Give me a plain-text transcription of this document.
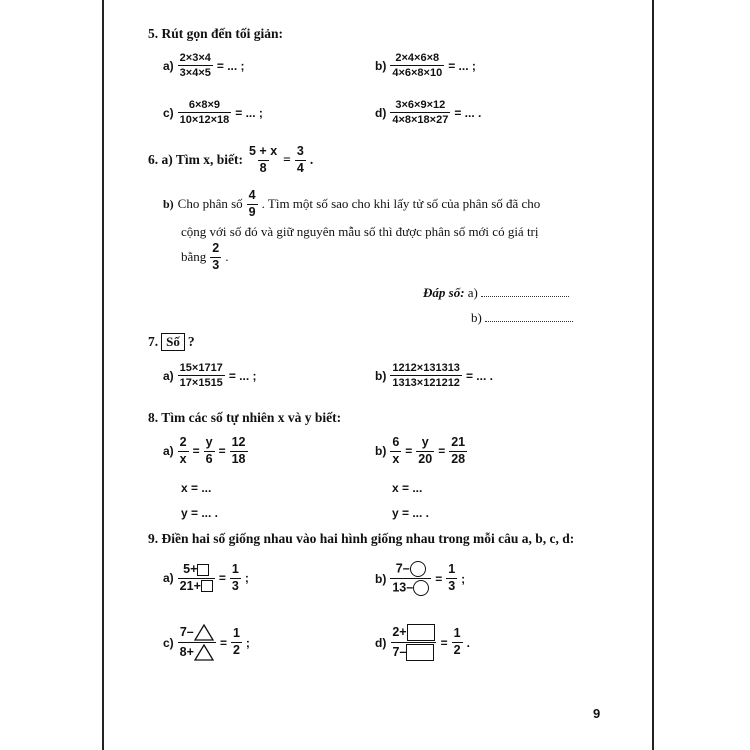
5. Rút gọn đến tối giản:
$a) \frac{2\times 3\times 4}{3\times 4\times 5}$ = ... ;	$b) \frac{2\times 4\times 6\times 8}{4\times 6\times 8\times 10}$ = ... ;
$c) \frac{6\times 8\times 9}{10\times 12\times 18}$ = ... ;	$d) \frac{3\times 6\times 9\times 12}{4\times 8\times 18\times 27}$ = ... .
6. a) Tìm x, biết: $\frac{5 + x}{8} = \frac{3}{4}$ .
b) Cho phân số $\frac{4}{9}$ . Tìm một số sao cho khi lấy tử số của phân số đã cho
cộng với số đó và giữ nguyên mẫu số thì được phân số mới có giá trị
bằng $\frac{2}{3}$ .
Đáp số: a)
b)
7. Số ?
$a) \frac{15\times 1717}{17\times 1515}$ = ... ;	$b) \frac{1212\times 131313}{1313\times 121212}$ = ... .
8. Tìm các số tự nhiên x và y biết:
$a) \frac{2}{x} = \frac{y}{6} = \frac{12}{18}$	$b) \frac{6}{x} = \frac{y}{20} = \frac{21}{28}$
x = ...
y = ... .
x = ...
y = ... .
9. Điền hai số giống nhau vào hai hình giống nhau trong mỗi câu a, b, c, d:
$a) \frac{5+}{21+} = \frac{1}{3}$ ;	$b) \frac{7-}{13-} = \frac{1}{3}$ ;
$c) \frac{7-}{8+} = \frac{1}{2}$ ;	$d) \frac{2+}{7-} = \frac{1}{2}$ .
9
